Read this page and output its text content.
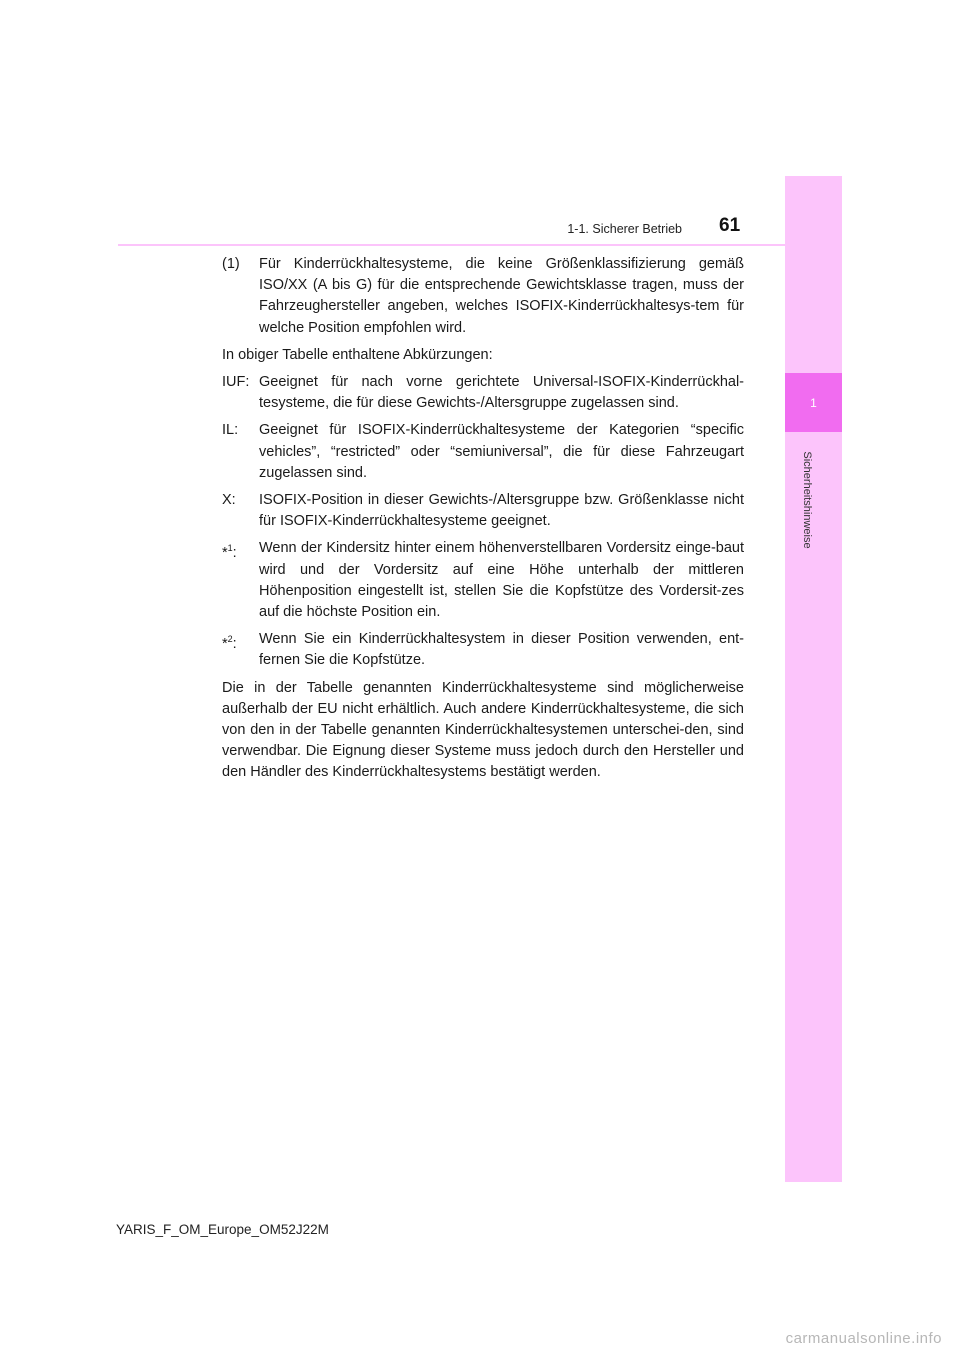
1
Sicherheitshinweise
1-1. Sicherer Betrieb 61
(1)	Für Kinderrückhaltesysteme, die keine Größenklassifizierung gemäß ISO/XX (A bis G) für die entsprechende Gewichtsklasse tragen, muss der Fahrzeughersteller angeben, welches ISOFIX-Kinderrückhaltesys-tem für welche Position empfohlen wird.
In obiger Tabelle enthaltene Abkürzungen:
IUF: Geeignet für nach vorne gerichtete Universal-ISOFIX-Kinderrückhal-tesysteme, die für diese Gewichts-/Altersgruppe zugelassen sind.
IL:	Geeignet für ISOFIX-Kinderrückhaltesysteme der Kategorien “specific vehicles”, “restricted” oder “semiuniversal”, die für diese Fahrzeugart zugelassen sind.
X:	ISOFIX-Position in dieser Gewichts-/Altersgruppe bzw. Größenklasse nicht für ISOFIX-Kinderrückhaltesysteme geeignet.
*$^1$:	Wenn der Kindersitz hinter einem höhenverstellbaren Vordersitz einge-baut wird und der Vordersitz auf eine Höhe unterhalb der mittleren Höhenposition eingestellt ist, stellen Sie die Kopfstütze des Vordersit-zes auf die höchste Position ein.
*$^2$:	Wenn Sie ein Kinderrückhaltesystem in dieser Position verwenden, ent-fernen Sie die Kopfstütze.
Die in der Tabelle genannten Kinderrückhaltesysteme sind möglicherweise außerhalb der EU nicht erhältlich. Auch andere Kinderrückhaltesysteme, die sich von den in der Tabelle genannten Kinderrückhaltesystemen unterschei-den, sind verwendbar. Die Eignung dieser Systeme muss jedoch durch den Hersteller und den Händler des Kinderrückhaltesystems bestätigt werden.
YARIS_F_OM_Europe_OM52J22M
carmanualsonline.info
